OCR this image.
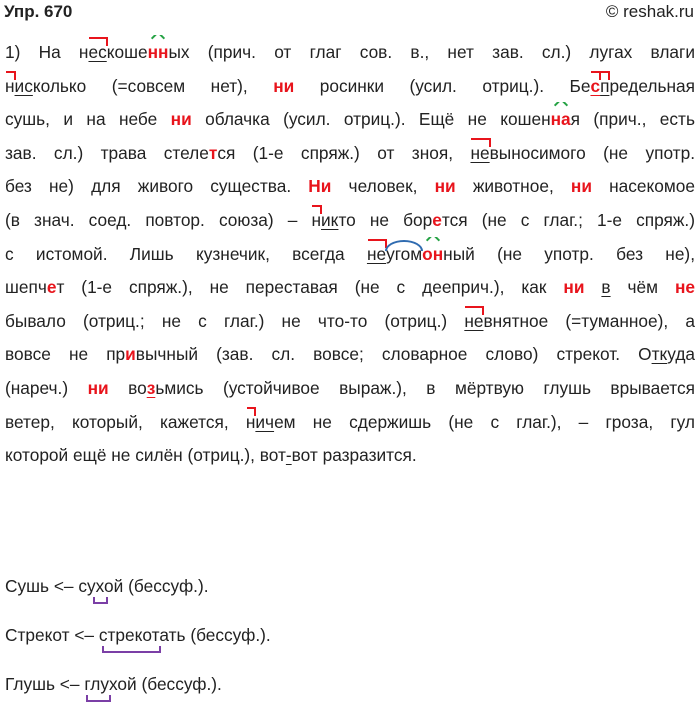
Упр. 670	© reshak.ru
1) На нескошенных (прич. от глаг сов. в., нет зав. сл.) лугах влаги
нисколько (=совсем нет), ни росинки (усил. отриц.). Беспредельная
сушь, и на небе ни облачка (усил. отриц.). Ещё не кошенная (прич., есть
зав. сл.) трава стелется (1-е спряж.) от зноя, невыносимого (не употр.
без не) для живого существа. Ни человек, ни животное, ни насекомое
(в знач. соед. повтор. союза) – никто не борется (не с глаг.; 1-е спряж.)
с истомой. Лишь кузнечик, всегда неугомонный (не употр. без не),
шепчет (1-е спряж.), не переставая (не с дееприч.), как ни в чём не
бывало (отриц.; не с глаг.) не что-то (отриц.) невнятное (=туманное), а
вовсе не привычный (зав. сл. вовсе; словарное слово) стрекот. Откуда
(нареч.) ни возьмись (устойчивое выраж.), в мёртвую глушь врывается
ветер, который, кажется, ничем не сдержишь (не с глаг.), – гроза, гул
которой ещё не силён (отриц.), вот-вот разразится.
Сушь <– сухой (бессуф.).
Стрекот <– стрекотать (бессуф.).
Глушь <– глухой (бессуф.).
